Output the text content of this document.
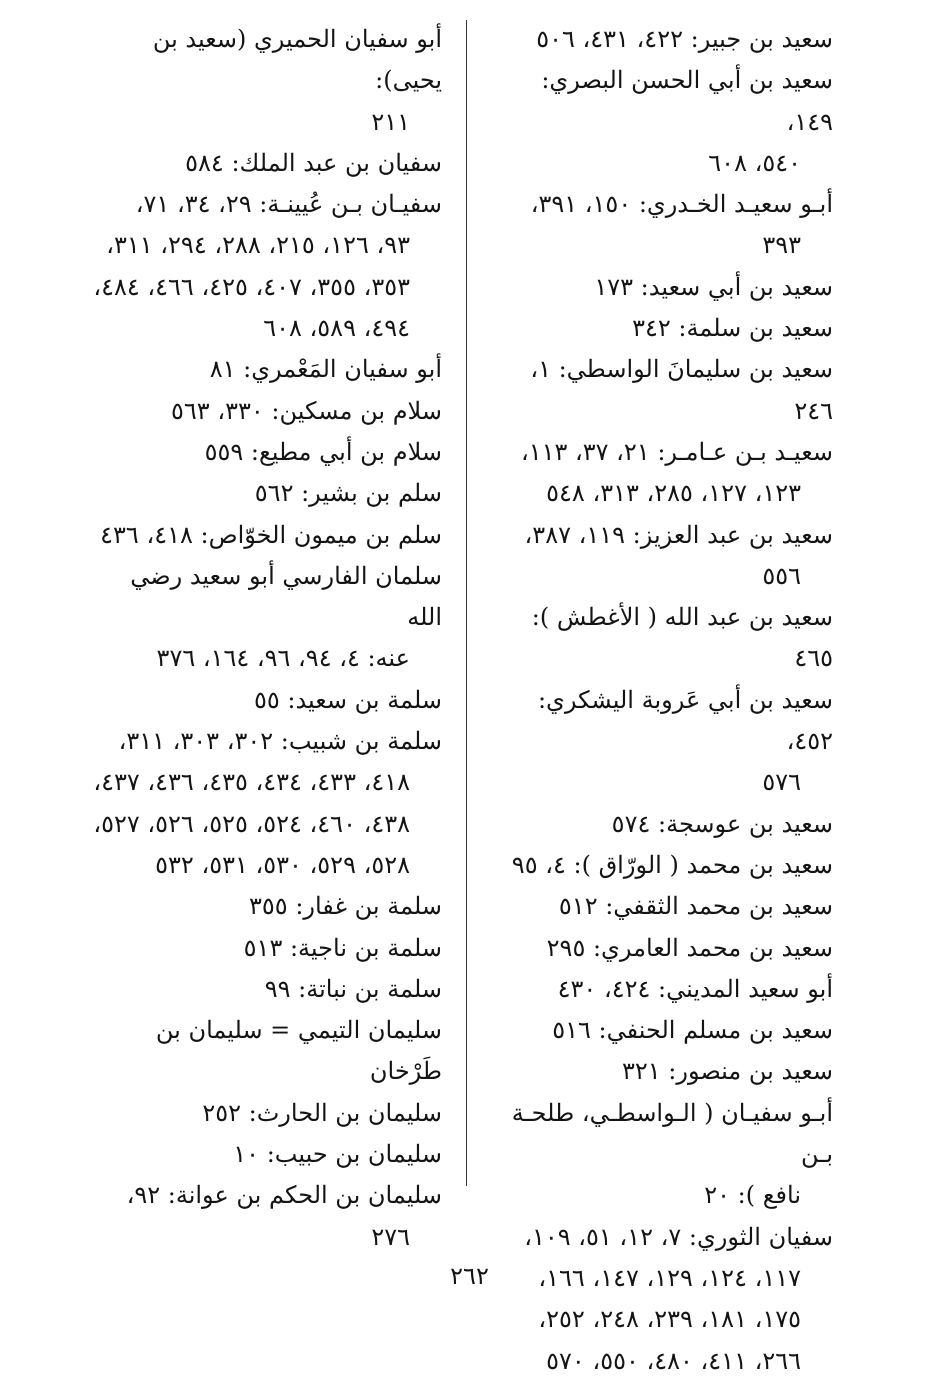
سعيد بن جبير: ٤٢٢، ٤٣١، ٥٠٦
سعيد بن أبي الحسن البصري: ١٤٩،
٥٤٠، ٦٠٨
أبـو سعيـد الخـدري: ١٥٠، ٣٩١،
٣٩٣
سعيد بن أبي سعيد: ١٧٣
سعيد بن سلمة: ٣٤٢
سعيد بن سليمانَ الواسطي: ١، ٢٤٦
سعيـد بـن عـامـر: ٢١، ٣٧، ١١٣،
١٢٣، ١٢٧، ٢٨٥، ٣١٣، ٥٤٨
سعيد بن عبد العزيز: ١١٩، ٣٨٧،
٥٥٦
سعيد بن عبد الله ( الأغطش ): ٤٦٥
سعيد بن أبي عَروبة اليشكري: ٤٥٢،
٥٧٦
سعيد بن عوسجة: ٥٧٤
سعيد بن محمد ( الورّاق ): ٤، ٩٥
سعيد بن محمد الثقفي: ٥١٢
سعيد بن محمد العامري: ٢٩٥
أبو سعيد المديني: ٤٢٤، ٤٣٠
سعيد بن مسلم الحنفي: ٥١٦
سعيد بن منصور: ٣٢١
أبـو سفيـان ( الـواسطـي، طلحـة بـن
نافع ): ٢٠
سفيان الثوري: ٧، ١٢، ٥١، ١٠٩،
١١٧، ١٢٤، ١٢٩، ١٤٧، ١٦٦، ١٧٥، ١٨١، ٢٣٩، ٢٤٨، ٢٥٢، ٢٦٦، ٤١١، ٤٨٠، ٥٥٠، ٥٧٠
أبو سفيان الحميري (سعيد بن يحيى):
٢١١
سفيان بن عبد الملك: ٥٨٤
سفيـان بـن عُيينـة: ٢٩، ٣٤، ٧١،
٩٣، ١٢٦، ٢١٥، ٢٨٨، ٢٩٤، ٣١١، ٣٥٣، ٣٥٥، ٤٠٧، ٤٢٥، ٤٦٦، ٤٨٤، ٤٩٤، ٥٨٩، ٦٠٨
أبو سفيان المَعْمري: ٨١
سلام بن مسكين: ٣٣٠، ٥٦٣
سلام بن أبي مطيع: ٥٥٩
سلم بن بشير: ٥٦٢
سلم بن ميمون الخوّاص: ٤١٨، ٤٣٦
سلمان الفارسي أبو سعيد رضي الله
عنه: ٤، ٩٤، ٩٦، ١٦٤، ٣٧٦
سلمة بن سعيد: ٥٥
سلمة بن شبيب: ٣٠٢، ٣٠٣، ٣١١،
٤١٨، ٤٣٣، ٤٣٤، ٤٣٥، ٤٣٦، ٤٣٧، ٤٣٨، ٤٦٠، ٥٢٤، ٥٢٥، ٥٢٦، ٥٢٧، ٥٢٨، ٥٢٩، ٥٣٠، ٥٣١، ٥٣٢
سلمة بن غفار: ٣٥٥
سلمة بن ناجية: ٥١٣
سلمة بن نباتة: ٩٩
سليمان التيمي = سليمان بن طَرْخان
سليمان بن الحارث: ٢٥٢
سليمان بن حبيب: ١٠
سليمان بن الحكم بن عوانة: ٩٢،
٢٧٦
٢٦٢
